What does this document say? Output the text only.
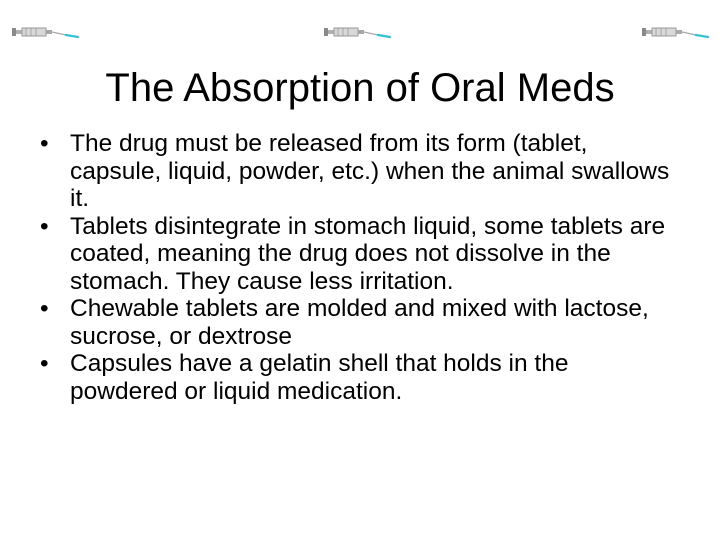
The Absorption of Oral Meds
• The drug must be released from its form (tablet, capsule, liquid, powder, etc.) when the animal swallows it.
• Tablets disintegrate in stomach liquid, some tablets are coated, meaning the drug does not dissolve in the stomach. They cause less irritation.
• Chewable tablets are molded and mixed with lactose, sucrose, or dextrose
• Capsules have a gelatin shell that holds in the powdered or liquid medication.
